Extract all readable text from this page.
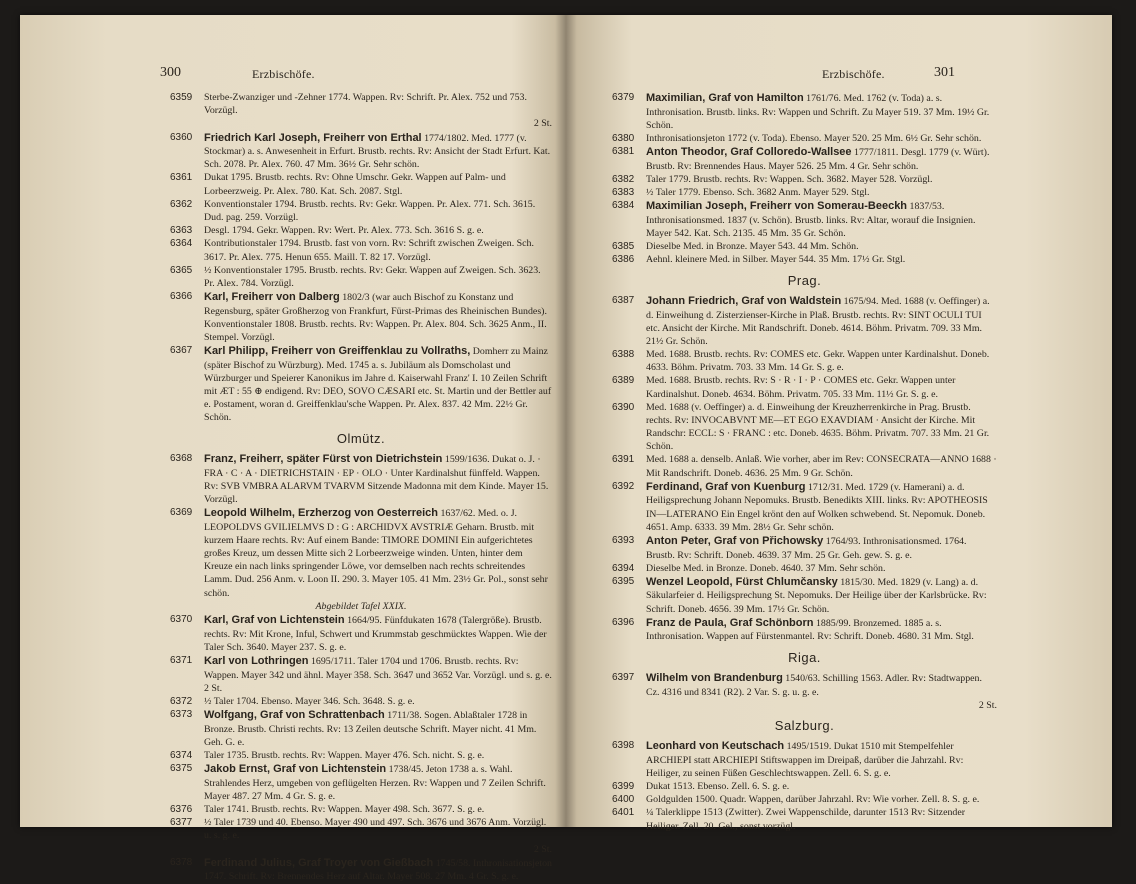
300	Erzbischöfe.

6359 Sterbe-Zwanziger und -Zehner 1774. Wappen. Rv: Schrift. Pr. Alex. 752 und 753. Vorzügl.
2 St.

6360 Friedrich Karl Joseph, Freiherr von Erthal 1774/1802. Med. 1777 (v. Stockmar) a. s. Anwesenheit in Erfurt. Brustb. rechts. Rv: Ansicht der Stadt Erfurt. Kat. Sch. 2078. Pr. Alex. 760. 47 Mm. 36½ Gr. Sehr schön.

6361 Dukat 1795. Brustb. rechts. Rv: Ohne Umschr. Gekr. Wappen auf Palm- und Lorbeerzweig. Pr. Alex. 780. Kat. Sch. 2087. Stgl.

6362 Konventionstaler 1794. Brustb. rechts. Rv: Gekr. Wappen. Pr. Alex. 771. Sch. 3615. Dud. pag. 259. Vorzügl.

6363 Desgl. 1794. Gekr. Wappen. Rv: Wert. Pr. Alex. 773. Sch. 3616 S. g. e.

6364 Kontributionstaler 1794. Brustb. fast von vorn. Rv: Schrift zwischen Zweigen. Sch. 3617. Pr. Alex. 775. Henun 655. Maill. T. 82 17. Vorzügl.

6365 ½ Konventionstaler 1795. Brustb. rechts. Rv: Gekr. Wappen auf Zweigen. Sch. 3623. Pr. Alex. 784. Vorzügl.

6366 Karl, Freiherr von Dalberg 1802/3 (war auch Bischof zu Konstanz und Regensburg, später Großherzog von Frankfurt, Fürst-Primas des Rheinischen Bundes). Konventionstaler 1808. Brustb. rechts. Rv: Wappen. Pr. Alex. 804. Sch. 3625 Anm., II. Stempel. Vorzügl.

6367 Karl Philipp, Freiherr von Greiffenklau zu Vollraths, Domherr zu Mainz (später Bischof zu Würzburg). Med. 1745 a. s. Jubiläum als Domscholast und Würzburger und Speierer Kanonikus im Jahre d. Kaiserwahl Franz' I. 10 Zeilen Schrift mit ÆT : 55 ⊕ endigend. Rv: DEO, SOVO CÆSARI etc. St. Martin und der Bettler auf e. Postament, woran d. Greiffenklau'sche Wappen. Pr. Alex. 837. 42 Mm. 22½ Gr. Schön.

Olmütz.

6368 Franz, Freiherr, später Fürst von Dietrichstein 1599/1636. Dukat o. J. · FRA · C · A · DIETRICHSTAIN · EP · OLO · Unter Kardinalshut fünffeld. Wappen. Rv: SVB VMBRA ALARVM TVARVM Sitzende Madonna mit dem Kinde. Mayer 15. Vorzügl.

6369 Leopold Wilhelm, Erzherzog von Oesterreich 1637/62. Med. o. J. LEOPOLDVS GVILIELMVS D : G : ARCHIDVX AVSTRIÆ Geharn. Brustb. mit kurzem Haare rechts. Rv: Auf einem Bande: TIMORE DOMINI Ein aufgerichtetes großes Kreuz, um dessen Mitte sich 2 Lorbeerzweige winden. Unten, hinter dem Kreuze ein nach links springender Löwe, vor demselben nach rechts schreitendes Lamm. Dud. 256 Anm. v. Loon II. 290. 3. Mayer 105. 41 Mm. 23½ Gr. Pol., sonst sehr schön.

Abgebildet Tafel XXIX.

6370 Karl, Graf von Lichtenstein 1664/95. Fünfdukaten 1678 (Talergröße). Brustb. rechts. Rv: Mit Krone, Inful, Schwert und Krummstab geschmücktes Wappen. Wie der Taler Sch. 3640. Mayer 237. S. g. e.

6371 Karl von Lothringen 1695/1711. Taler 1704 und 1706. Brustb. rechts. Rv: Wappen. Mayer 342 und ähnl. Mayer 358. Sch. 3647 und 3652 Var. Vorzügl. und s. g. e. 2 St.

6372 ½ Taler 1704. Ebenso. Mayer 346. Sch. 3648. S. g. e.

6373 Wolfgang, Graf von Schrattenbach 1711/38. Sogen. Ablaßtaler 1728 in Bronze. Brustb. Christi rechts. Rv: 13 Zeilen deutsche Schrift. Mayer nicht. 41 Mm. Geh. G. e.

6374 Taler 1735. Brustb. rechts. Rv: Wappen. Mayer 476. Sch. nicht. S. g. e.

6375 Jakob Ernst, Graf von Lichtenstein 1738/45. Jeton 1738 a. s. Wahl. Strahlendes Herz, umgeben von geflügelten Herzen. Rv: Wappen und 7 Zeilen Schrift. Mayer 487. 27 Mm. 4 Gr. S. g. e.

6376 Taler 1741. Brustb. rechts. Rv: Wappen. Mayer 498. Sch. 3677. S. g. e.

6377 ½ Taler 1739 und 40. Ebenso. Mayer 490 und 497. Sch. 3676 und 3676 Anm. Vorzügl. u. s. g. e.
2 St.

6378 Ferdinand Julius, Graf Troyer von Gießbach 1745/58. Inthronisationsjeton 1747. Schrift. Rv: Brennendes Herz auf Altar. Mayer 508. 27 Mm. 4 Gr. S. g. e.

301
Erzbischöfe.

6379 Maximilian, Graf von Hamilton 1761/76. Med. 1762 (v. Toda) a. s. Inthronisation. Brustb. links. Rv: Wappen und Schrift. Zu Mayer 519. 37 Mm. 19½ Gr. Schön.

6380 Inthronisationsjeton 1772 (v. Toda). Ebenso. Mayer 520. 25 Mm. 6½ Gr. Sehr schön.

6381 Anton Theodor, Graf Colloredo-Wallsee 1777/1811. Desgl. 1779 (v. Würt). Brustb. Rv: Brennendes Haus. Mayer 526. 25 Mm. 4 Gr. Sehr schön.

6382 Taler 1779. Brustb. rechts. Rv: Wappen. Sch. 3682. Mayer 528. Vorzügl.

6383 ½ Taler 1779. Ebenso. Sch. 3682 Anm. Mayer 529. Stgl.

6384 Maximilian Joseph, Freiherr von Somerau-Beeckh 1837/53. Inthronisationsmed. 1837 (v. Schön). Brustb. links. Rv: Altar, worauf die Insignien. Mayer 542. Kat. Sch. 2135. 45 Mm. 35 Gr. Schön.

6385 Dieselbe Med. in Bronze. Mayer 543. 44 Mm. Schön.

6386 Aehnl. kleinere Med. in Silber. Mayer 544. 35 Mm. 17½ Gr. Stgl.

Prag.

6387 Johann Friedrich, Graf von Waldstein 1675/94. Med. 1688 (v. Oeffinger) a. d. Einweihung d. Zisterzienser-Kirche in Plaß. Brustb. rechts. Rv: SINT OCULI TUI etc. Ansicht der Kirche. Mit Randschrift. Doneb. 4614. Böhm. Privatm. 709. 33 Mm. 21½ Gr. Schön.

6388 Med. 1688. Brustb. rechts. Rv: COMES etc. Gekr. Wappen unter Kardinalshut. Doneb. 4633. Böhm. Privatm. 703. 33 Mm. 14 Gr. S. g. e.

6389 Med. 1688. Brustb. rechts. Rv: S · R · I · P · COMES etc. Gekr. Wappen unter Kardinalshut. Doneb. 4634. Böhm. Privatm. 705. 33 Mm. 11½ Gr. S. g. e.

6390 Med. 1688 (v. Oeffinger) a. d. Einweihung der Kreuzherrenkirche in Prag. Brustb. rechts. Rv: INVOCABVNT ME—ET EGO EXAVDIAM · Ansicht der Kirche. Mit Randschr: ECCL: S · FRANC : etc. Doneb. 4635. Böhm. Privatm. 707. 33 Mm. 21 Gr. Schön.

6391 Med. 1688 a. denselb. Anlaß. Wie vorher, aber im Rev: CONSECRATA—ANNO 1688 · Mit Randschrift. Doneb. 4636. 25 Mm. 9 Gr. Schön.

6392 Ferdinand, Graf von Kuenburg 1712/31. Med. 1729 (v. Hamerani) a. d. Heiligsprechung Johann Nepomuks. Brustb. Benedikts XIII. links. Rv: APOTHEOSIS IN—LATERANO Ein Engel krönt den auf Wolken schwebend. St. Nepomuk. Doneb. 4651. Amp. 6333. 39 Mm. 28½ Gr. Sehr schön.

6393 Anton Peter, Graf von Přichowsky 1764/93. Inthronisationsmed. 1764. Brustb. Rv: Schrift. Doneb. 4639. 37 Mm. 25 Gr. Geh. gew. S. g. e.

6394 Dieselbe Med. in Bronze. Doneb. 4640. 37 Mm. Sehr schön.

6395 Wenzel Leopold, Fürst Chlumčansky 1815/30. Med. 1829 (v. Lang) a. d. Säkularfeier d. Heiligsprechung St. Nepomuks. Der Heilige über der Karlsbrücke. Rv: Schrift. Doneb. 4656. 39 Mm. 17½ Gr. Schön.

6396 Franz de Paula, Graf Schönborn 1885/99. Bronzemed. 1885 a. s. Inthronisation. Wappen auf Fürstenmantel. Rv: Schrift. Doneb. 4680. 31 Mm. Stgl.

Riga.

6397 Wilhelm von Brandenburg 1540/63. Schilling 1563. Adler. Rv: Stadtwappen. Cz. 4316 und 8341 (R2). 2 Var. S. g. u. g. e.
2 St.

Salzburg.

6398 Leonhard von Keutschach 1495/1519. Dukat 1510 mit Stempelfehler ARCHIEPI statt ARCHIEPI Stiftswappen im Dreipaß, darüber die Jahrzahl. Rv: Heiliger, zu seinen Füßen Geschlechtswappen. Zell. 6. S. g. e.

6399 Dukat 1513. Ebenso. Zell. 6. S. g. e.

6400 Goldgulden 1500. Quadr. Wappen, darüber Jahrzahl. Rv: Wie vorher. Zell. 8. S. g. e.

6401 ¼ Talerklippe 1513 (Zwitter). Zwei Wappenschilde, darunter 1513 Rv: Sitzender Heiliger. Zell. 20. Gel., sonst vorzügl.
